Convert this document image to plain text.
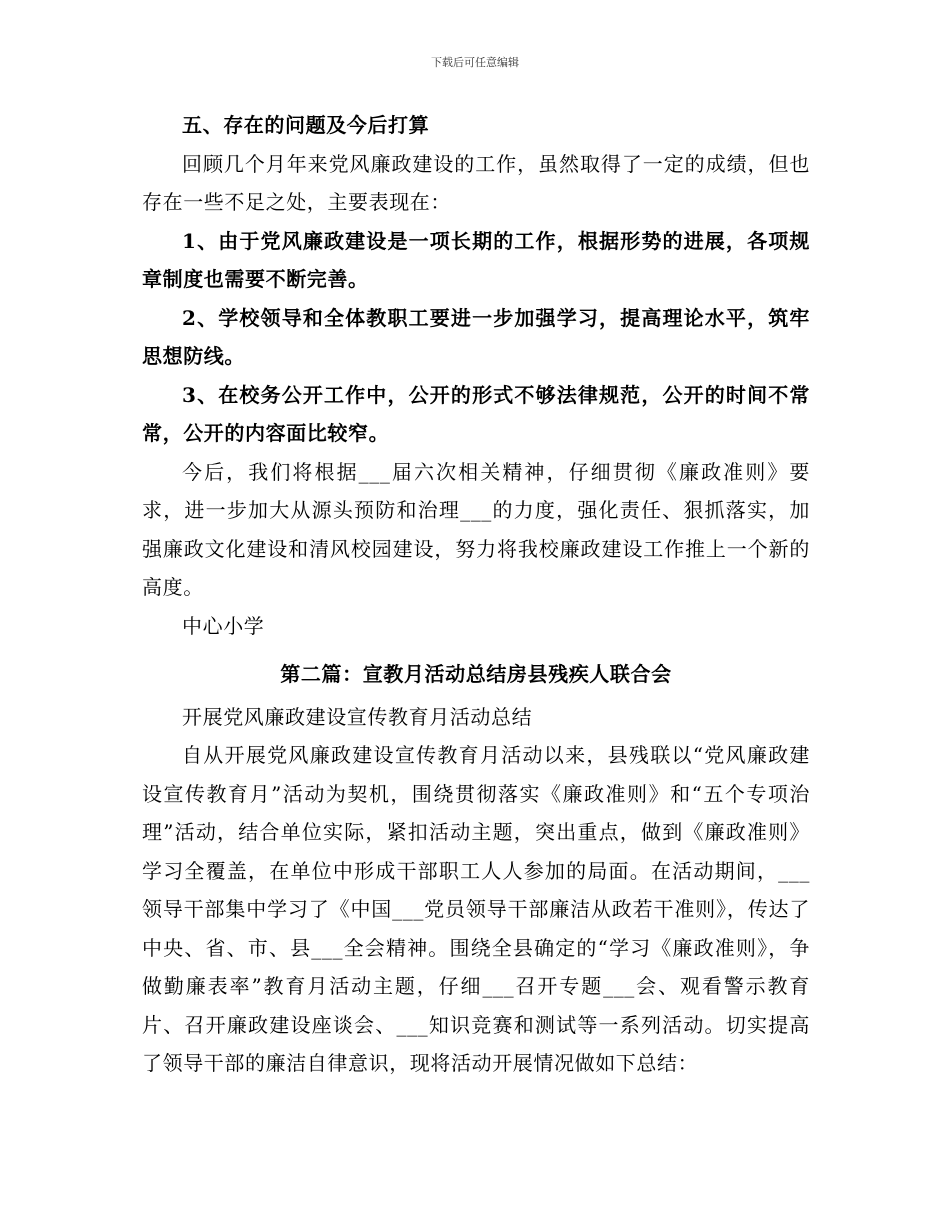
下载后可任意编辑

五、存在的问题及今后打算

回顾几个月年来党风廉政建设的工作，虽然取得了一定的成绩，但也存在一些不足之处，主要表现在：

1、由于党风廉政建设是一项长期的工作，根据形势的进展，各项规章制度也需要不断完善。

2、学校领导和全体教职工要进一步加强学习，提高理论水平，筑牢思想防线。

3、在校务公开工作中，公开的形式不够法律规范，公开的时间不常常，公开的内容面比较窄。

今后，我们将根据___届六次相关精神，仔细贯彻《廉政准则》要求，进一步加大从源头预防和治理___的力度，强化责任、狠抓落实，加强廉政文化建设和清风校园建设，努力将我校廉政建设工作推上一个新的高度。

中心小学

第二篇：宣教月活动总结房县残疾人联合会

开展党风廉政建设宣传教育月活动总结

自从开展党风廉政建设宣传教育月活动以来，县残联以“党风廉政建设宣传教育月”活动为契机，围绕贯彻落实《廉政准则》和“五个专项治理”活动，结合单位实际，紧扣活动主题，突出重点，做到《廉政准则》学习全覆盖，在单位中形成干部职工人人参加的局面。在活动期间，___领导干部集中学习了《中国___党员领导干部廉洁从政若干准则》，传达了中央、省、市、县___全会精神。围绕全县确定的“学习《廉政准则》，争做勤廉表率”教育月活动主题，仔细___召开专题___会、观看警示教育片、召开廉政建设座谈会、___知识竞赛和测试等一系列活动。切实提高了领导干部的廉洁自律意识，现将活动开展情况做如下总结：
